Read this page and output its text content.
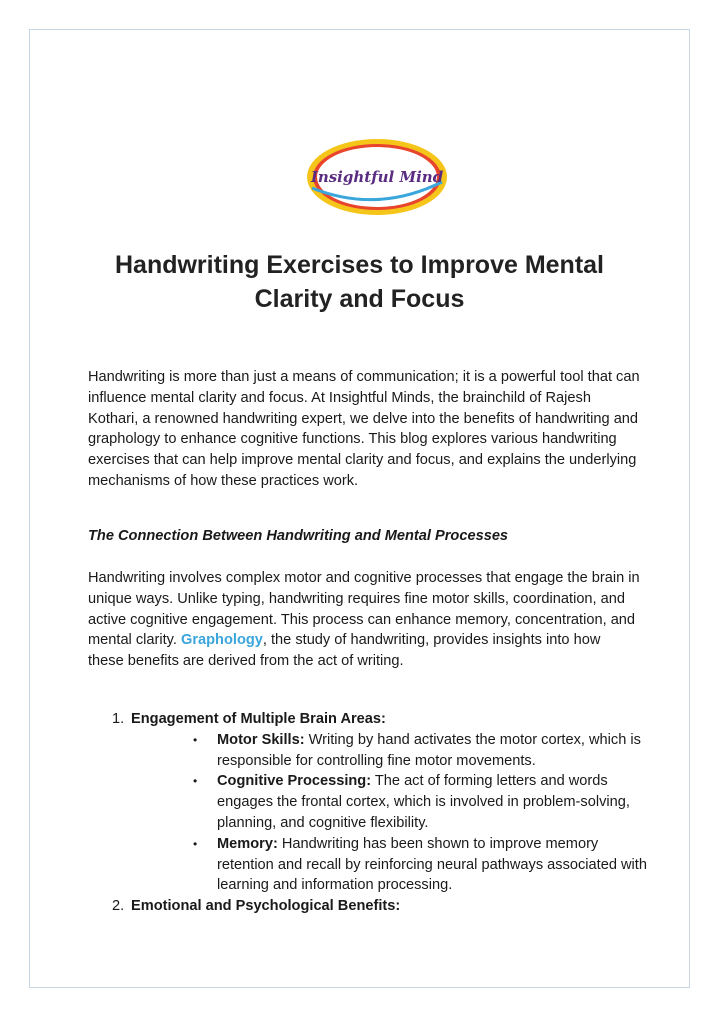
Insightful Mind
Handwriting Exercises to Improve Mental
Clarity and Focus

Handwriting is more than just a means of communication; it is a powerful tool that can influence mental clarity and focus. At Insightful Minds, the brainchild of Rajesh Kothari, a renowned handwriting expert, we delve into the benefits of handwriting and graphology to enhance cognitive functions. This blog explores various handwriting exercises that can help improve mental clarity and focus, and explains the underlying mechanisms of how these practices work.

The Connection Between Handwriting and Mental Processes

Handwriting involves complex motor and cognitive processes that engage the brain in unique ways. Unlike typing, handwriting requires fine motor skills, coordination, and active cognitive engagement. This process can enhance memory, concentration, and mental clarity. Graphology, the study of handwriting, provides insights into how these benefits are derived from the act of writing.

1. Engagement of Multiple Brain Areas:
• Motor Skills: Writing by hand activates the motor cortex, which is responsible for controlling fine motor movements.
• Cognitive Processing: The act of forming letters and words engages the frontal cortex, which is involved in problem-solving, planning, and cognitive flexibility.
• Memory: Handwriting has been shown to improve memory retention and recall by reinforcing neural pathways associated with learning and information processing.
2. Emotional and Psychological Benefits:
